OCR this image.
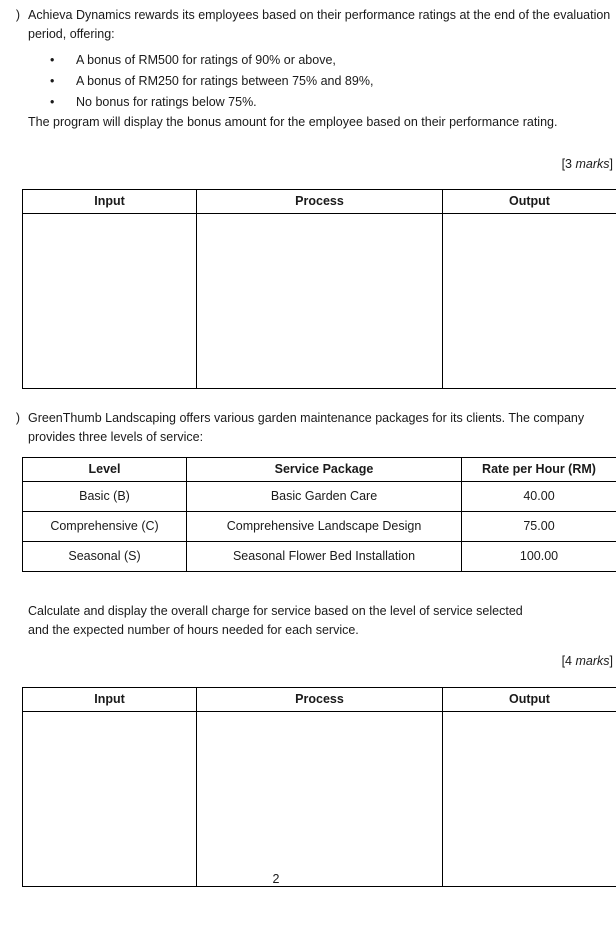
) Achieva Dynamics rewards its employees based on their performance ratings at the end of the evaluation period, offering:

• A bonus of RM500 for ratings of 90% or above,
• A bonus of RM250 for ratings between 75% and 89%,
• No bonus for ratings below 75%.

The program will display the bonus amount for the employee based on their performance rating.

[3 marks]
Input	Process	Output

) GreenThumb Landscaping offers various garden maintenance packages for its clients. The company provides three levels of service:

Level	Service Package	Rate per Hour (RM)
Basic (B)	Basic Garden Care	40.00
Comprehensive (C)	Comprehensive Landscape Design	75.00
Seasonal (S)	Seasonal Flower Bed Installation	100.00

Calculate and display the overall charge for service based on the level of service selected

and the expected number of hours needed for each service.

[4 marks]
Input	Process	Output

2
